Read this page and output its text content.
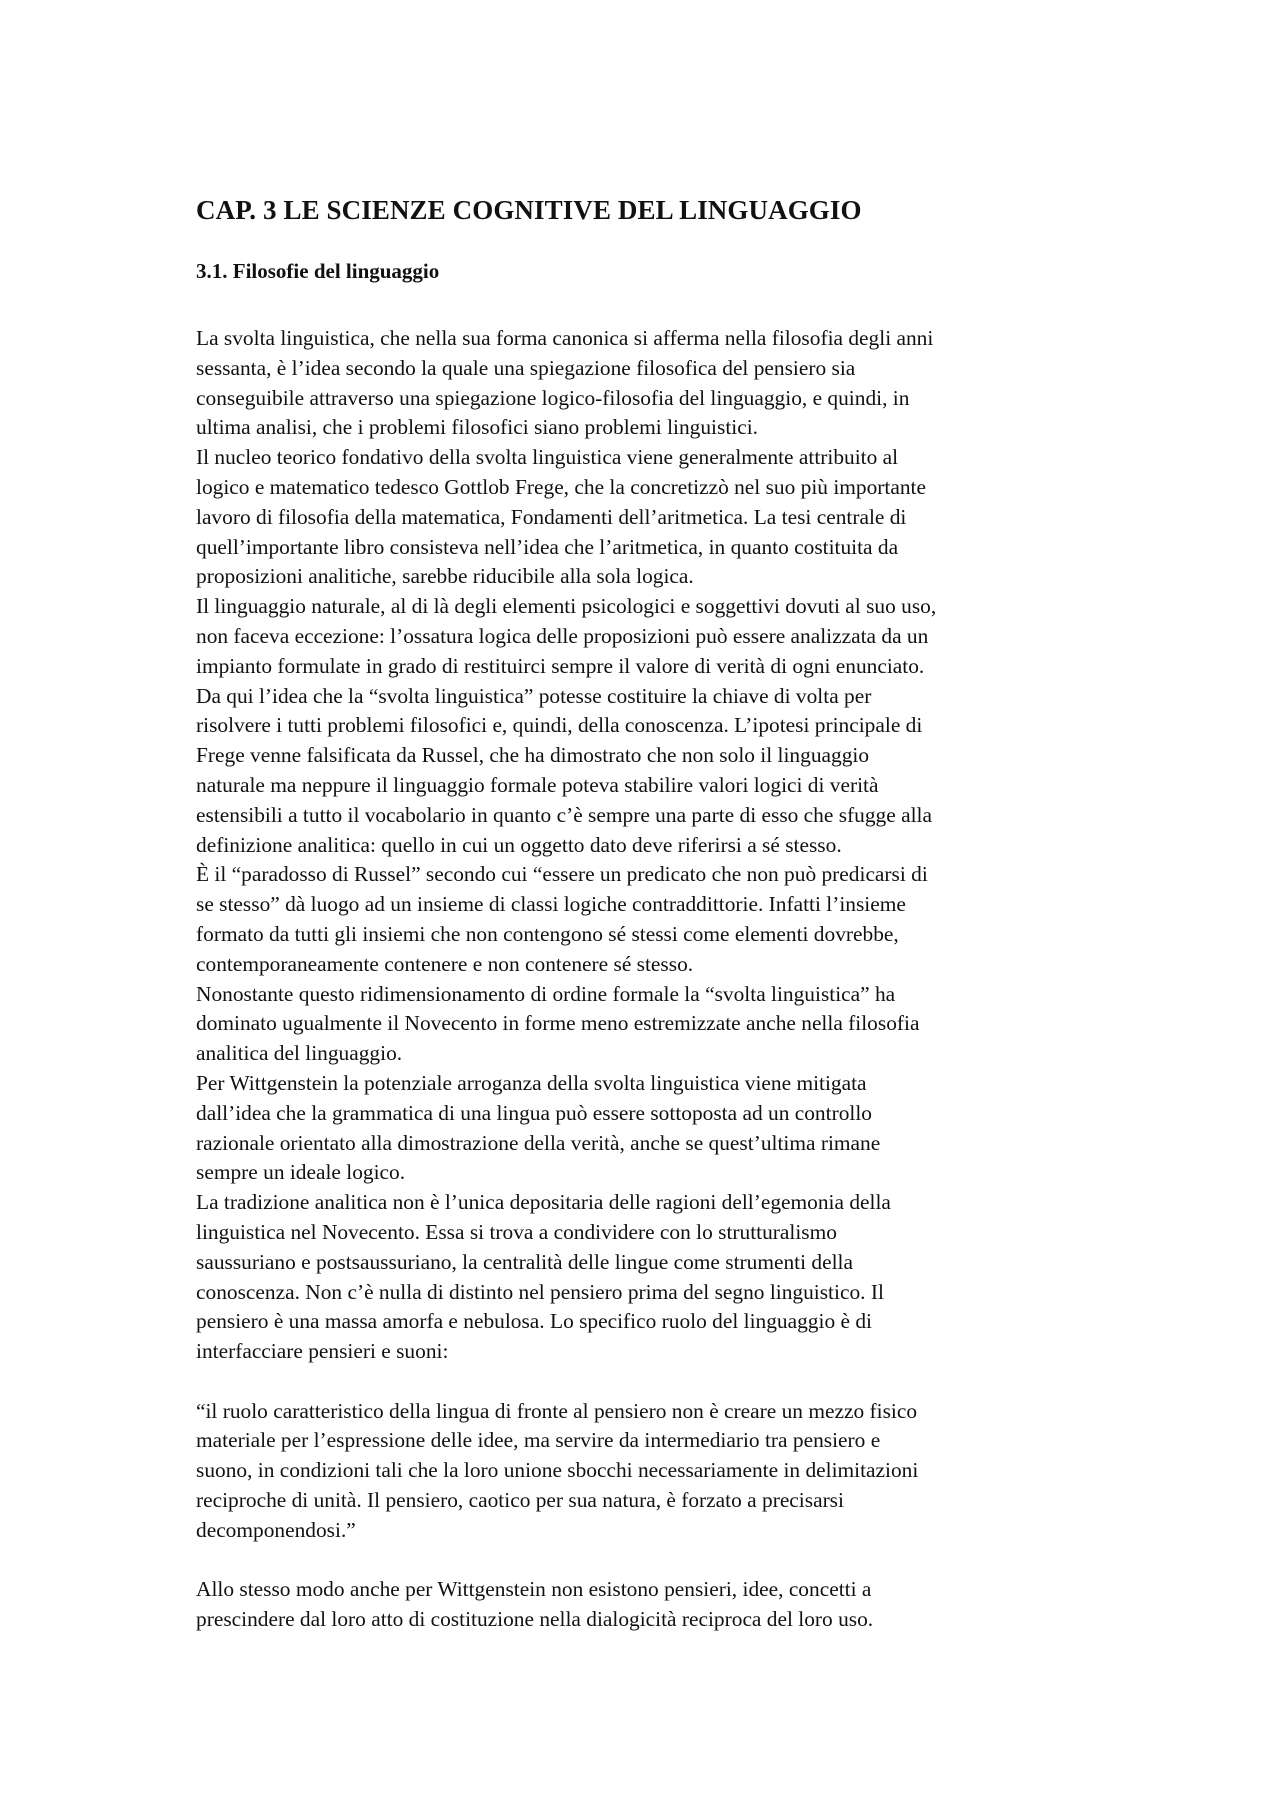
CAP. 3 LE SCIENZE COGNITIVE DEL LINGUAGGIO
3.1. Filosofie del linguaggio
La svolta linguistica, che nella sua forma canonica si afferma nella filosofia degli anni
sessanta, è l’idea secondo la quale una spiegazione filosofica del pensiero sia
conseguibile attraverso una spiegazione logico-filosofia del linguaggio, e quindi, in
ultima analisi, che i problemi filosofici siano problemi linguistici.
Il nucleo teorico fondativo della svolta linguistica viene generalmente attribuito al
logico e matematico tedesco Gottlob Frege, che la concretizzò nel suo più importante
lavoro di filosofia della matematica, Fondamenti dell’aritmetica. La tesi centrale di
quell’importante libro consisteva nell’idea che l’aritmetica, in quanto costituita da
proposizioni analitiche, sarebbe riducibile alla sola logica.
Il linguaggio naturale, al di là degli elementi psicologici e soggettivi dovuti al suo uso,
non faceva eccezione: l’ossatura logica delle proposizioni può essere analizzata da un
impianto formulate in grado di restituirci sempre il valore di verità di ogni enunciato.
Da qui l’idea che la “svolta linguistica” potesse costituire la chiave di volta per
risolvere i tutti problemi filosofici e, quindi, della conoscenza. L’ipotesi principale di
Frege venne falsificata da Russel, che ha dimostrato che non solo il linguaggio
naturale ma neppure il linguaggio formale poteva stabilire valori logici di verità
estensibili a tutto il vocabolario in quanto c’è sempre una parte di esso che sfugge alla
definizione analitica: quello in cui un oggetto dato deve riferirsi a sé stesso.
È il “paradosso di Russel” secondo cui “essere un predicato che non può predicarsi di
se stesso” dà luogo ad un insieme di classi logiche contraddittorie. Infatti l’insieme
formato da tutti gli insiemi che non contengono sé stessi come elementi dovrebbe,
contemporaneamente contenere e non contenere sé stesso.
Nonostante questo ridimensionamento di ordine formale la “svolta linguistica” ha
dominato ugualmente il Novecento in forme meno estremizzate anche nella filosofia
analitica del linguaggio.
Per Wittgenstein la potenziale arroganza della svolta linguistica viene mitigata
dall’idea che la grammatica di una lingua può essere sottoposta ad un controllo
razionale orientato alla dimostrazione della verità, anche se quest’ultima rimane
sempre un ideale logico.
La tradizione analitica non è l’unica depositaria delle ragioni dell’egemonia della
linguistica nel Novecento. Essa si trova a condividere con lo strutturalismo
saussuriano e postsaussuriano, la centralità delle lingue come strumenti della
conoscenza. Non c’è nulla di distinto nel pensiero prima del segno linguistico. Il
pensiero è una massa amorfa e nebulosa. Lo specifico ruolo del linguaggio è di
interfacciare pensieri e suoni:
“il ruolo caratteristico della lingua di fronte al pensiero non è creare un mezzo fisico
materiale per l’espressione delle idee, ma servire da intermediario tra pensiero e
suono, in condizioni tali che la loro unione sbocchi necessariamente in delimitazioni
reciproche di unità. Il pensiero, caotico per sua natura, è forzato a precisarsi
decomponendosi.”
Allo stesso modo anche per Wittgenstein non esistono pensieri, idee, concetti a
prescindere dal loro atto di costituzione nella dialogicità reciproca del loro uso.
